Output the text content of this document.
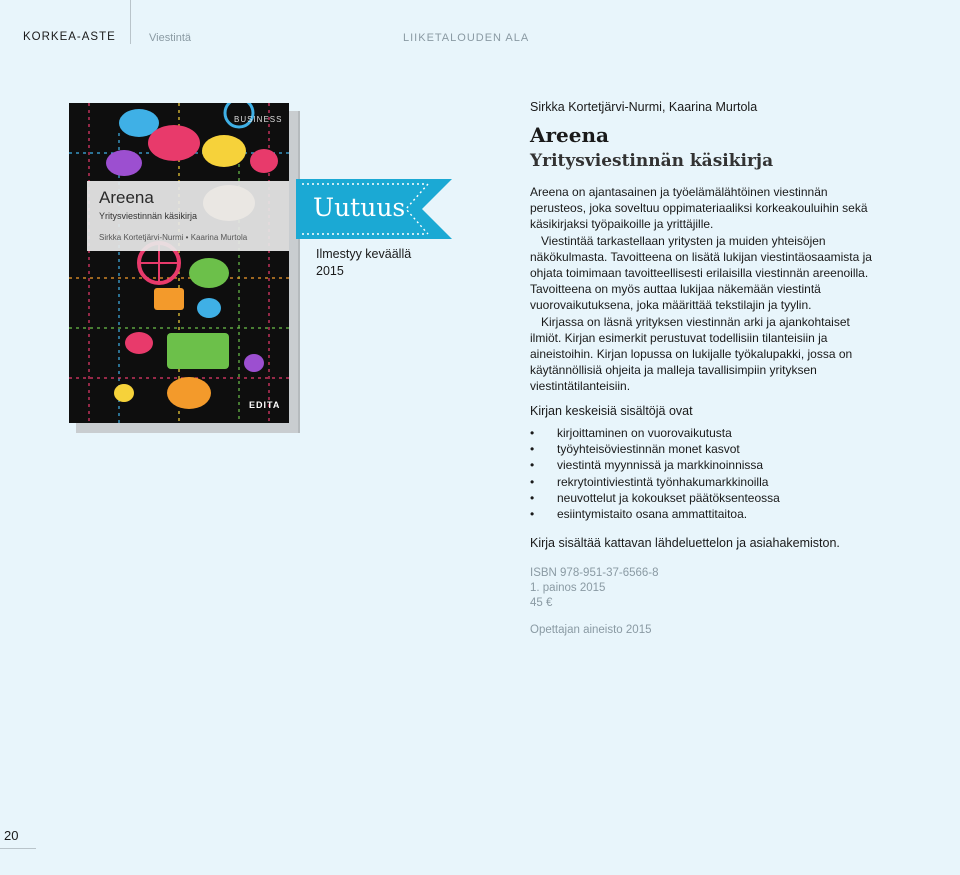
KORKEA-ASTE	Viestintä	LIIKETALOUDEN ALA
BUSINESS
Areena
Yritysviestinnän käsikirja
Sirkka Kortetjärvi-Nurmi • Kaarina Murtola
EDITA
Uutuus
Ilmestyy keväällä 2015

Sirkka Kortetjärvi-Nurmi, Kaarina Murtola

Areena
Yritysviestinnän käsikirja

Areena on ajantasainen ja työelämälähtöinen viestinnän perusteos, joka soveltuu oppimateriaaliksi korkeakouluihin sekä käsikirjaksi työpaikoille ja yrittäjille.

Viestintää tarkastellaan yritysten ja muiden yhteisöjen näkökulmasta. Tavoitteena on lisätä lukijan viestintäosaamista ja ohjata toimimaan tavoitteellisesti erilaisilla viestinnän areenoilla. Tavoitteena on myös auttaa lukijaa näkemään viestintä vuorovaikutuksena, joka määrittää tekstilajin ja tyylin.

Kirjassa on läsnä yrityksen viestinnän arki ja ajankohtaiset ilmiöt. Kirjan esimerkit perustuvat todellisiin tilanteisiin ja aineistoihin. Kirjan lopussa on lukijalle työkalupakki, jossa on käytännöllisiä ohjeita ja malleja tavallisimpiin yrityksen viestintätilanteisiin.

Kirjan keskeisiä sisältöjä ovat
• kirjoittaminen on vuorovaikutusta
• työyhteisöviestinnän monet kasvot
• viestintä myynnissä ja markkinoinnissa
• rekrytointiviestintä työnhakumarkkinoilla
• neuvottelut ja kokoukset päätöksenteossa
• esiintymistaito osana ammattitaitoa.
Kirja sisältää kattavan lähdeluettelon ja asiahakemiston.
ISBN 978-951-37-6566-8
1. painos 2015
45 €
Opettajan aineisto 2015
20
